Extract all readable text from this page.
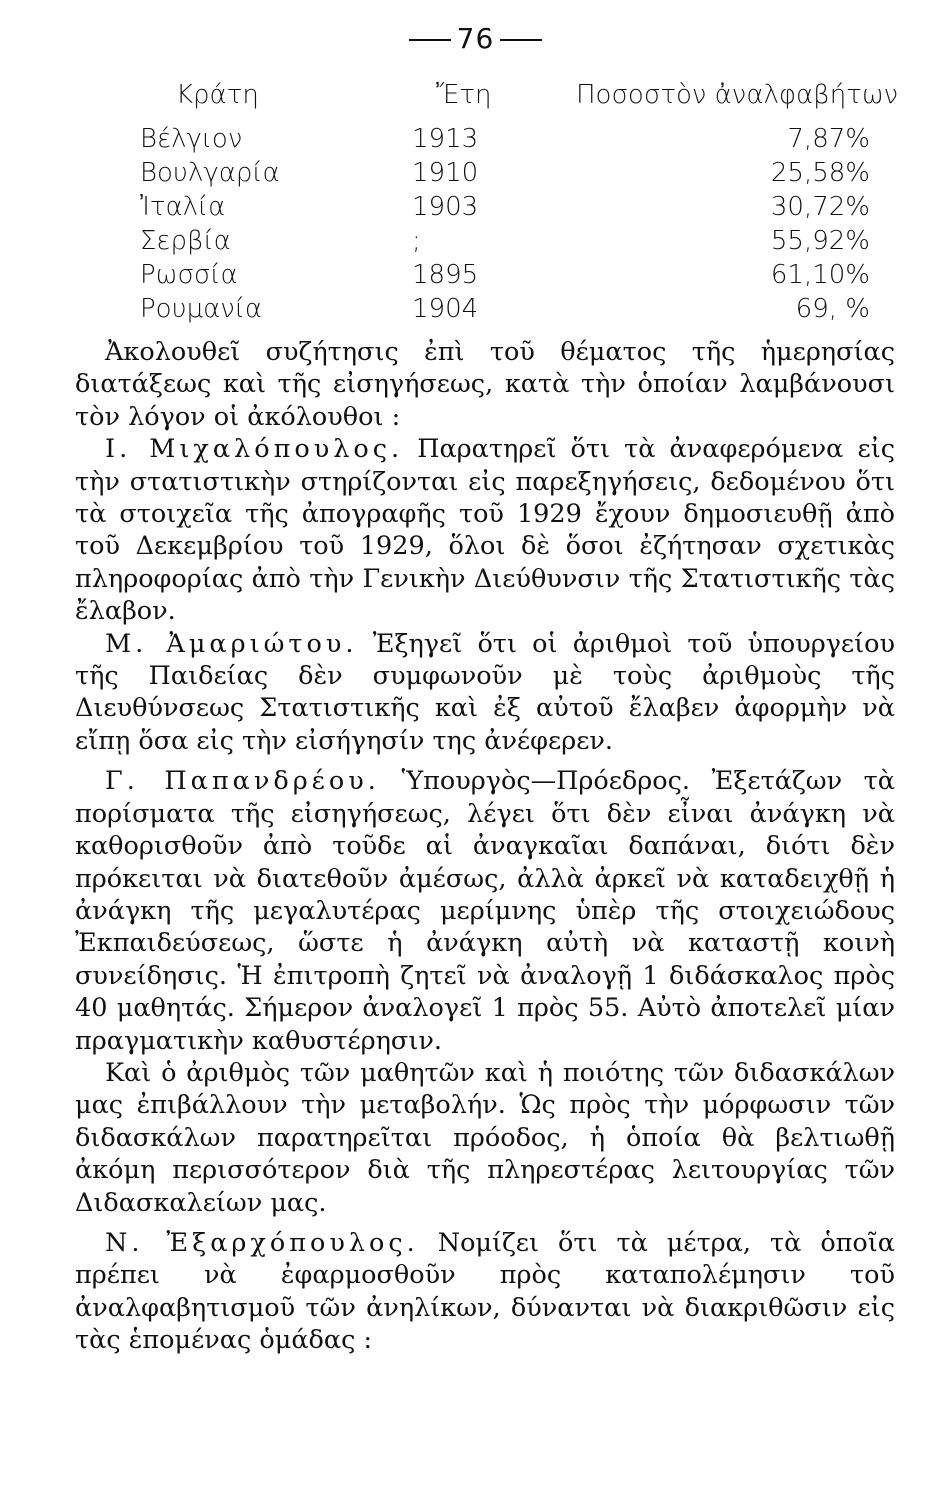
76
Κράτη	Ἔτη	Ποσοστὸν ἀναλφαβήτων
Βέλγιον	1913	7,87%
Βουλγαρία	1910	25,58%
Ἰταλία	1903	30,72%
Σερβία	;	55,92%
Ρωσσία	1895	61,10%
Ρουμανία	1904	69, %

Ἀκολουθεῖ συζήτησις ἐπὶ τοῦ θέματος τῆς ἡμερησίας διατάξεως καὶ τῆς εἰσηγήσεως, κατὰ τὴν ὁποίαν λαμβάνουσι τὸν λόγον οἱ ἀκόλουθοι :

Ι. Μιχαλόπουλος. Παρατηρεῖ ὅτι τὰ ἀναφερόμενα εἰς τὴν στατιστικὴν στηρίζονται εἰς παρεξηγήσεις, δεδομένου ὅτι τὰ στοιχεῖα τῆς ἀπογραφῆς τοῦ 1929 ἔχουν δημοσιευθῇ ἀπὸ τοῦ Δεκεμβρίου τοῦ 1929, ὅλοι δὲ ὅσοι ἐζήτησαν σχετικὰς πληροφορίας ἀπὸ τὴν Γενικὴν Διεύθυνσιν τῆς Στατιστικῆς τὰς ἔλαβον.

Μ. Ἀμαριώτου. Ἐξηγεῖ ὅτι οἱ ἀριθμοὶ τοῦ ὑπουργείου τῆς Παιδείας δὲν συμφωνοῦν μὲ τοὺς ἀριθμοὺς τῆς Διευθύνσεως Στατιστικῆς καὶ ἐξ αὐτοῦ ἔλαβεν ἀφορμὴν νὰ εἴπῃ ὅσα εἰς τὴν εἰσήγησίν της ἀνέφερεν.

Γ. Παπανδρέου. Ὑπουργὸς—Πρόεδρος. Ἐξετάζων τὰ πορίσματα τῆς εἰσηγήσεως, λέγει ὅτι δὲν εἶναι ἀνάγκη νὰ καθορισθοῦν ἀπὸ τοῦδε αἱ ἀναγκαῖαι δαπάναι, διότι δὲν πρόκειται νὰ διατεθοῦν ἀμέσως, ἀλλὰ ἀρκεῖ νὰ καταδειχθῇ ἡ ἀνάγκη τῆς μεγαλυτέρας μερίμνης ὑπὲρ τῆς στοιχειώδους Ἐκπαιδεύσεως, ὥστε ἡ ἀνάγκη αὐτὴ νὰ καταστῇ κοινὴ συνείδησις. Ἡ ἐπιτροπὴ ζητεῖ νὰ ἀναλογῇ 1 διδάσκαλος πρὸς 40 μαθητάς. Σήμερον ἀναλογεῖ 1 πρὸς 55. Αὐτὸ ἀποτελεῖ μίαν πραγματικὴν καθυστέρησιν.

Καὶ ὁ ἀριθμὸς τῶν μαθητῶν καὶ ἡ ποιότης τῶν διδασκάλων μας ἐπιβάλλουν τὴν μεταβολήν. Ὡς πρὸς τὴν μόρφωσιν τῶν διδασκάλων παρατηρεῖται πρόοδος, ἡ ὁποία θὰ βελτιωθῇ ἀκόμη περισσότερον διὰ τῆς πληρεστέρας λειτουργίας τῶν Διδασκαλείων μας.

Ν. Ἐξαρχόπουλος. Νομίζει ὅτι τὰ μέτρα, τὰ ὁποῖα πρέπει νὰ ἐφαρμοσθοῦν πρὸς καταπολέμησιν τοῦ ἀναλφαβητισμοῦ τῶν ἀνηλίκων, δύνανται νὰ διακριθῶσιν εἰς τὰς ἑπομένας ὁμάδας :
